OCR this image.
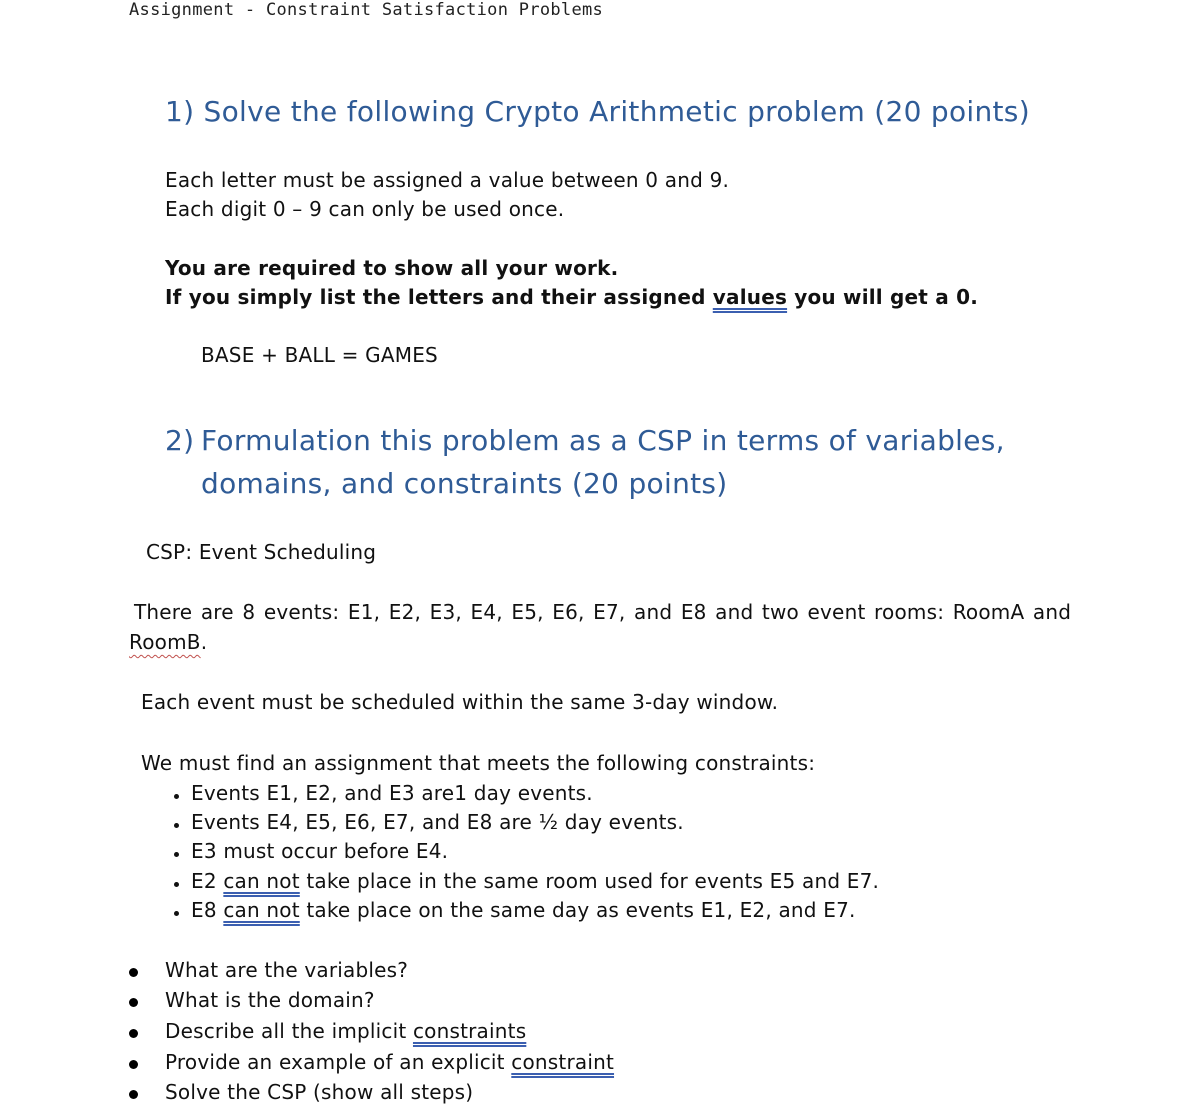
Assignment - Constraint Satisfaction Problems
1) Solve the following Crypto Arithmetic problem (20 points)
Each letter must be assigned a value between 0 and 9.
Each digit 0 – 9 can only be used once.
You are required to show all your work.
If you simply list the letters and their assigned values you will get a 0.
BASE + BALL = GAMES
2) Formulation this problem as a CSP in terms of variables,
domains, and constraints (20 points)
CSP: Event Scheduling
There are 8 events: E1, E2, E3, E4, E5, E6, E7, and E8 and two event rooms: RoomA and
RoomB.
Each event must be scheduled within the same 3-day window.
We must find an assignment that meets the following constraints:
Events E1, E2, and E3 are1 day events.
Events E4, E5, E6, E7, and E8 are ½ day events.
E3 must occur before E4.
E2 can not take place in the same room used for events E5 and E7.
E8 can not take place on the same day as events E1, E2, and E7.
What are the variables?
What is the domain?
Describe all the implicit constraints
Provide an example of an explicit constraint
Solve the CSP (show all steps)
